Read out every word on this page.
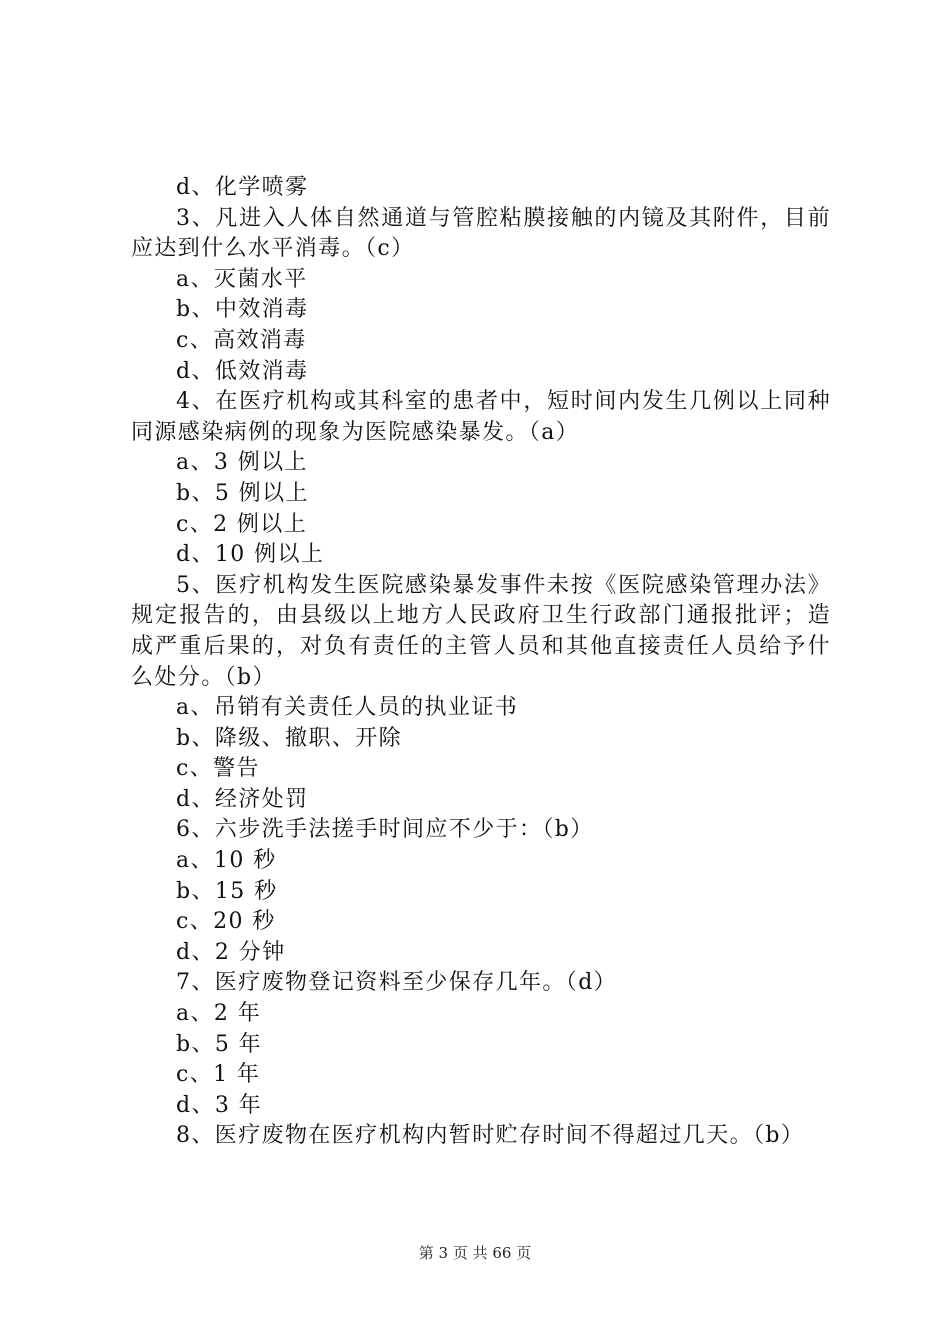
d、化学喷雾
3、凡进入人体自然通道与管腔粘膜接触的内镜及其附件，目前应达到什么水平消毒。（c）
a、灭菌水平
b、中效消毒
c、高效消毒
d、低效消毒
4、在医疗机构或其科室的患者中，短时间内发生几例以上同种同源感染病例的现象为医院感染暴发。（a）
a、3 例以上
b、5 例以上
c、2 例以上
d、10 例以上
5、医疗机构发生医院感染暴发事件未按《医院感染管理办法》规定报告的，由县级以上地方人民政府卫生行政部门通报批评；造成严重后果的，对负有责任的主管人员和其他直接责任人员给予什么处分。（b）
a、吊销有关责任人员的执业证书
b、降级、撤职、开除
c、警告
d、经济处罚
6、六步洗手法搓手时间应不少于：（b）
a、10 秒
b、15 秒
c、20 秒
d、2 分钟
7、医疗废物登记资料至少保存几年。（d）
a、2 年
b、5 年
c、1 年
d、3 年
8、医疗废物在医疗机构内暂时贮存时间不得超过几天。（b）
第 3 页 共 66 页
